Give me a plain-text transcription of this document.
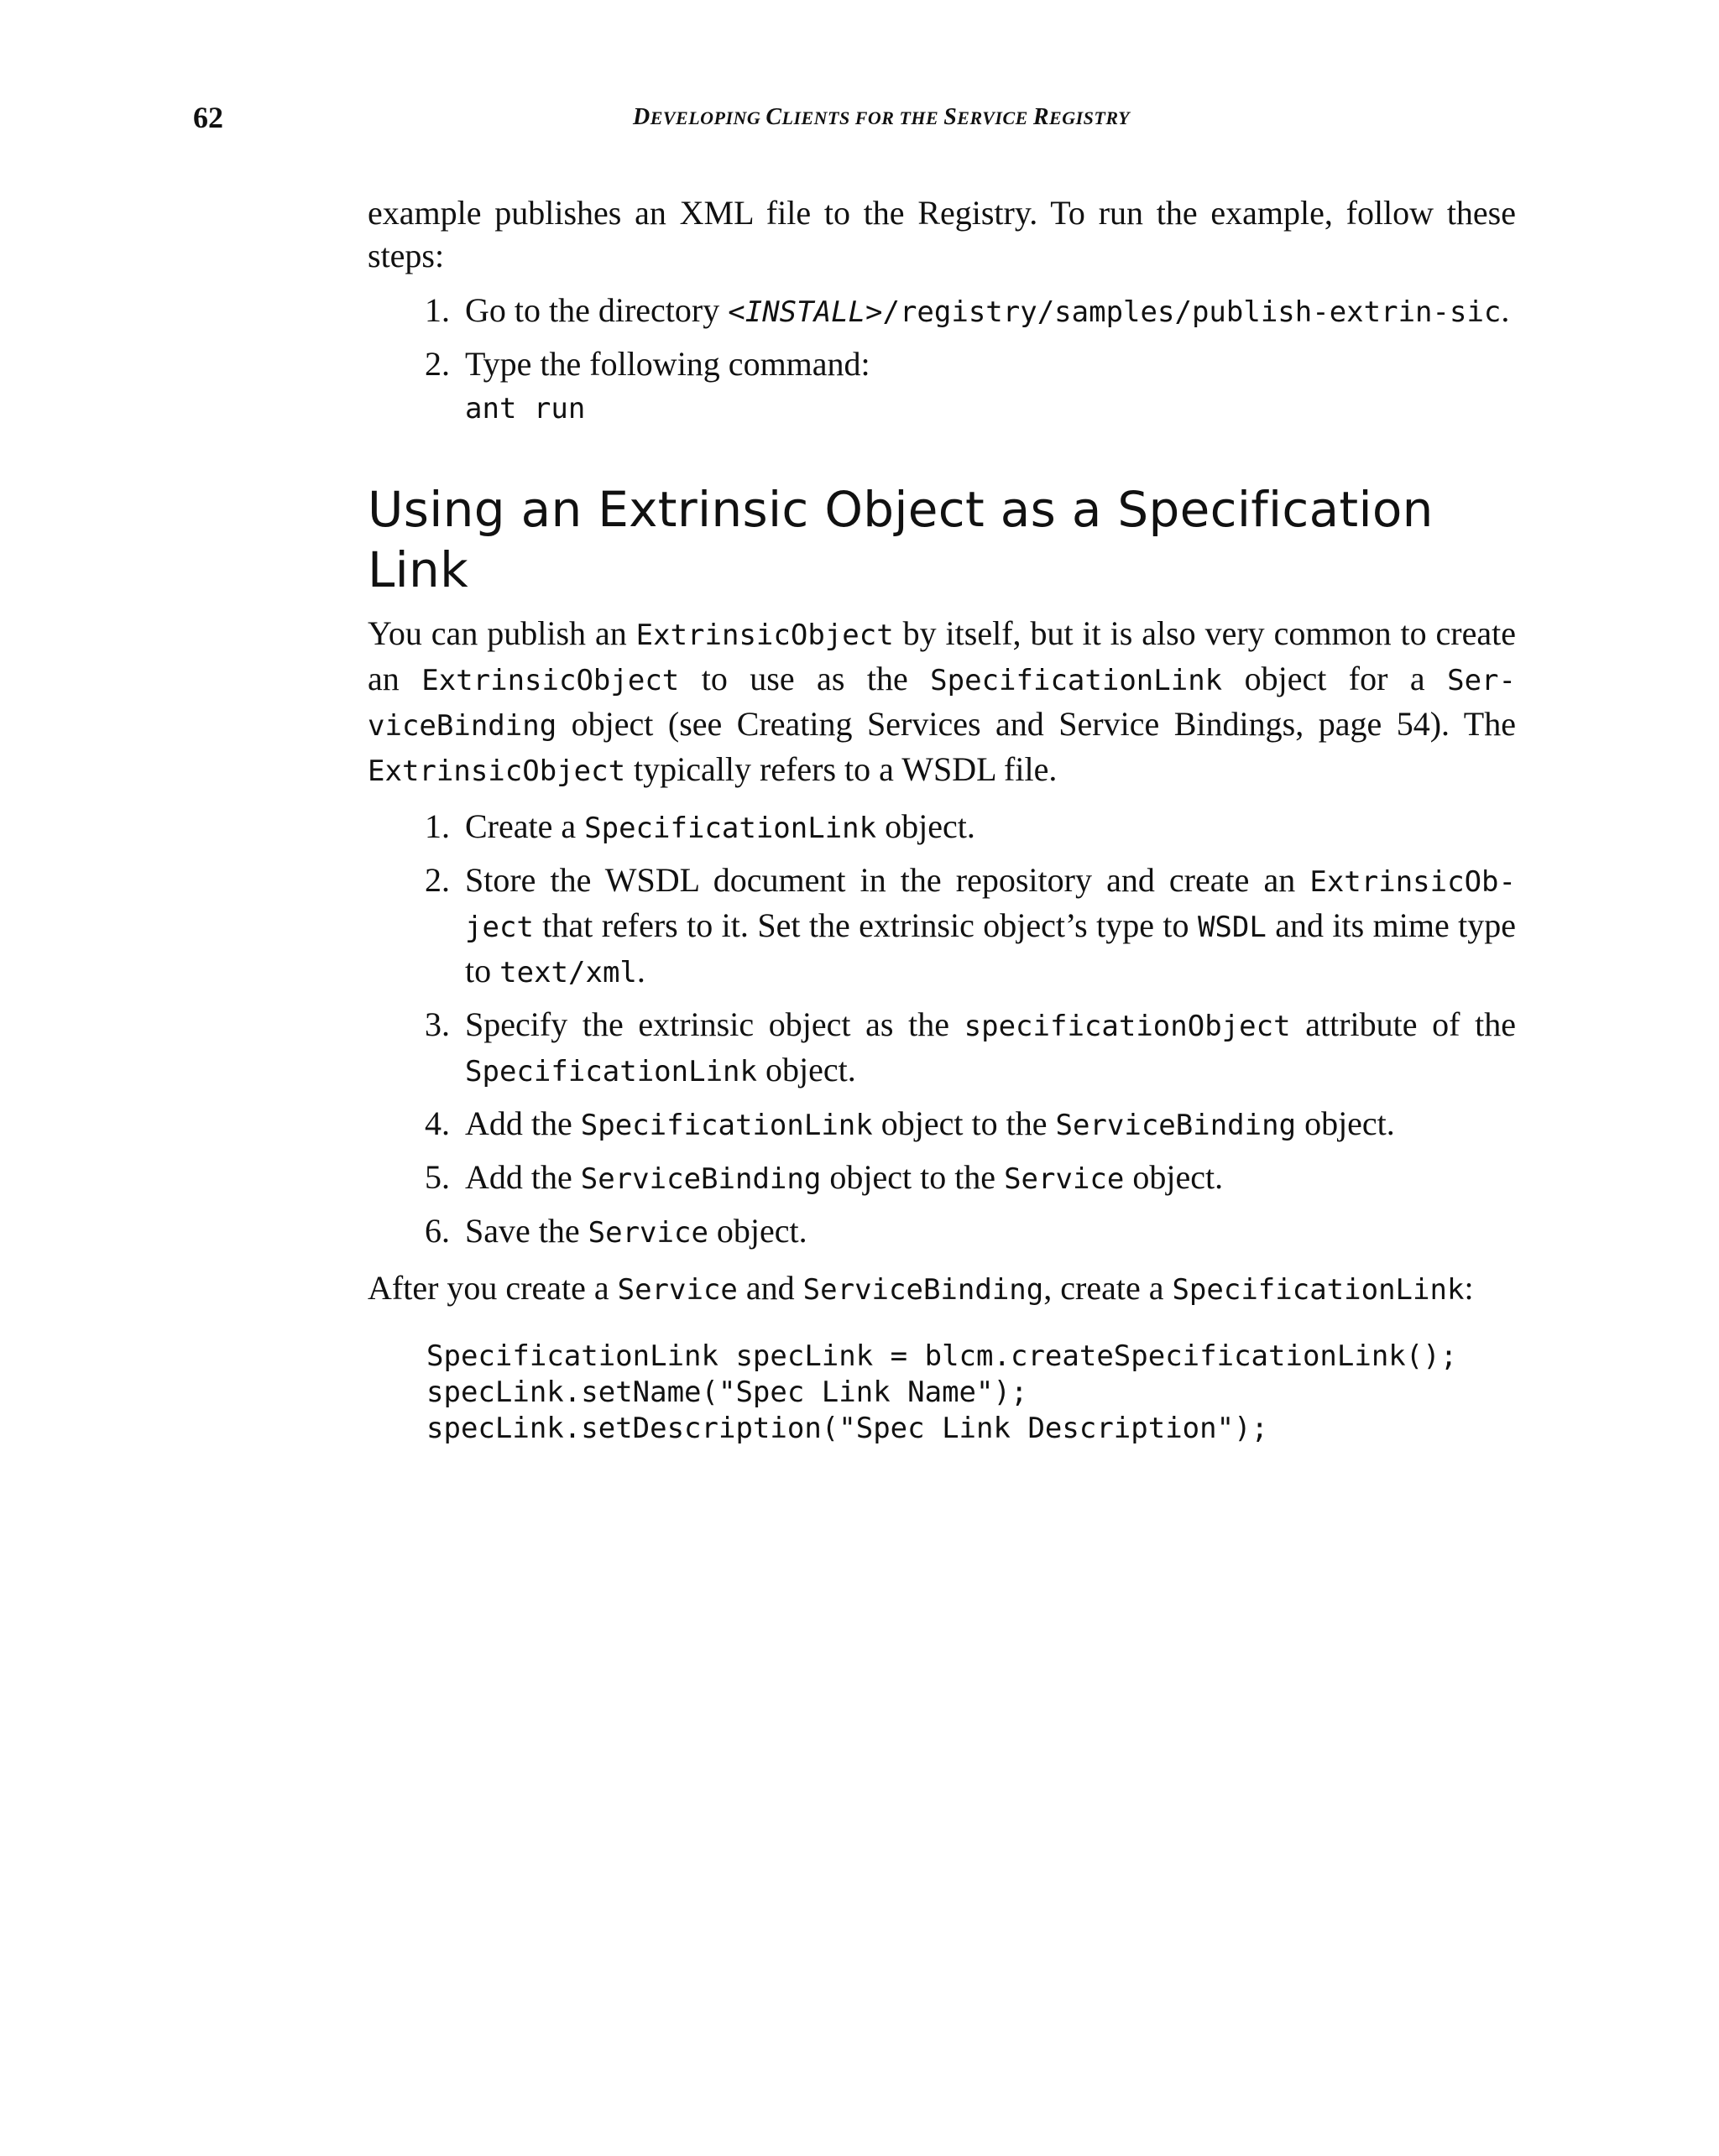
62	DEVELOPING CLIENTS FOR THE SERVICE REGISTRY

example publishes an XML file to the Registry. To run the example, follow these steps:

1. Go to the directory <INSTALL>/registry/samples/publish-extrin-sic.
2. Type the following command:
ant run
Using an Extrinsic Object as a Specification Link

You can publish an ExtrinsicObject by itself, but it is also very common to create an ExtrinsicObject to use as the SpecificationLink object for a Ser-viceBinding object (see Creating Services and Service Bindings, page 54). The ExtrinsicObject typically refers to a WSDL file.

1. Create a SpecificationLink object.
2. Store the WSDL document in the repository and create an ExtrinsicOb-ject that refers to it. Set the extrinsic object’s type to WSDL and its mime type to text/xml.
3. Specify the extrinsic object as the specificationObject attribute of the SpecificationLink object.
4. Add the SpecificationLink object to the ServiceBinding object.
5. Add the ServiceBinding object to the Service object.
6. Save the Service object.

After you create a Service and ServiceBinding, create a SpecificationLink:

SpecificationLink specLink = blcm.createSpecificationLink();
specLink.setName("Spec Link Name");
specLink.setDescription("Spec Link Description");
